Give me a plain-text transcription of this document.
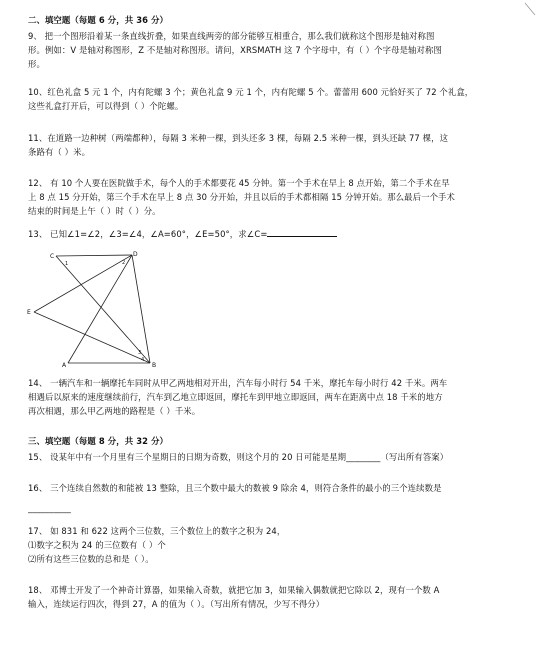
二、填空题（每题 6 分，共 36 分）
9、 把一个图形沿着某一条直线折叠，如果直线两旁的部分能够互相重合，那么我们就称这个图形是轴对称图
形。例如：V 是轴对称图形，Z 不是轴对称图形。请问，XRSMATH 这 7 个字母中，有（ ）个字母是轴对称图
形。
10、红色礼盒 5 元 1 个，内有陀螺 3 个；黄色礼盒 9 元 1 个，内有陀螺 5 个。蕾蕾用 600 元恰好买了 72 个礼盒，
这些礼盒打开后，可以得到（ ）个陀螺。
11、在道路一边种树（两端都种），每隔 3 米种一棵，到头还多 3 棵，每隔 2.5 米种一棵，到头还缺 77 棵，这
条路有（ ）米。
12、 有 10 个人要在医院做手术，每个人的手术都要花 45 分钟。第一个手术在早上 8 点开始，第二个手术在早
上 8 点 15 分开始，第三个手术在早上 8 点 30 分开始，并且以后的手术都相隔 15 分钟开始。那么最后一个手术
结束的时间是上午（ ）时（ ）分。
13、 已知∠1=∠2，∠3=∠4，∠A=60°，∠E=50°，求∠C=
C	D
E
A	B
1	2
3
4
14、 一辆汽车和一辆摩托车同时从甲乙两地相对开出，汽车每小时行 54 千米，摩托车每小时行 42 千米。两车
相遇后以原来的速度继续前行，汽车到乙地立即返回，摩托车到甲地立即返回，两车在距离中点 18 千米的地方
再次相遇，那么甲乙两地的路程是（ ）千米。
三、填空题（每题 8 分，共 32 分）
15、 设某年中有一个月里有三个星期日的日期为奇数，则这个月的 20 日可能是星期________（写出所有答案）
16、 三个连续自然数的和能被 13 整除，且三个数中最大的数被 9 除余 4，则符合条件的最小的三个连续数是
__________
17、 如 831 和 622 这两个三位数，三个数位上的数字之积为 24，
⑴数字之积为 24 的三位数有（ ）个
⑵所有这些三位数的总和是（ ）。
18、 邓博士开发了一个神奇计算器，如果输入奇数，就把它加 3，如果输入偶数就把它除以 2，现有一个数 A
输入，连续运行四次，得到 27，A 的值为（ ）。（写出所有情况，少写不得分）
